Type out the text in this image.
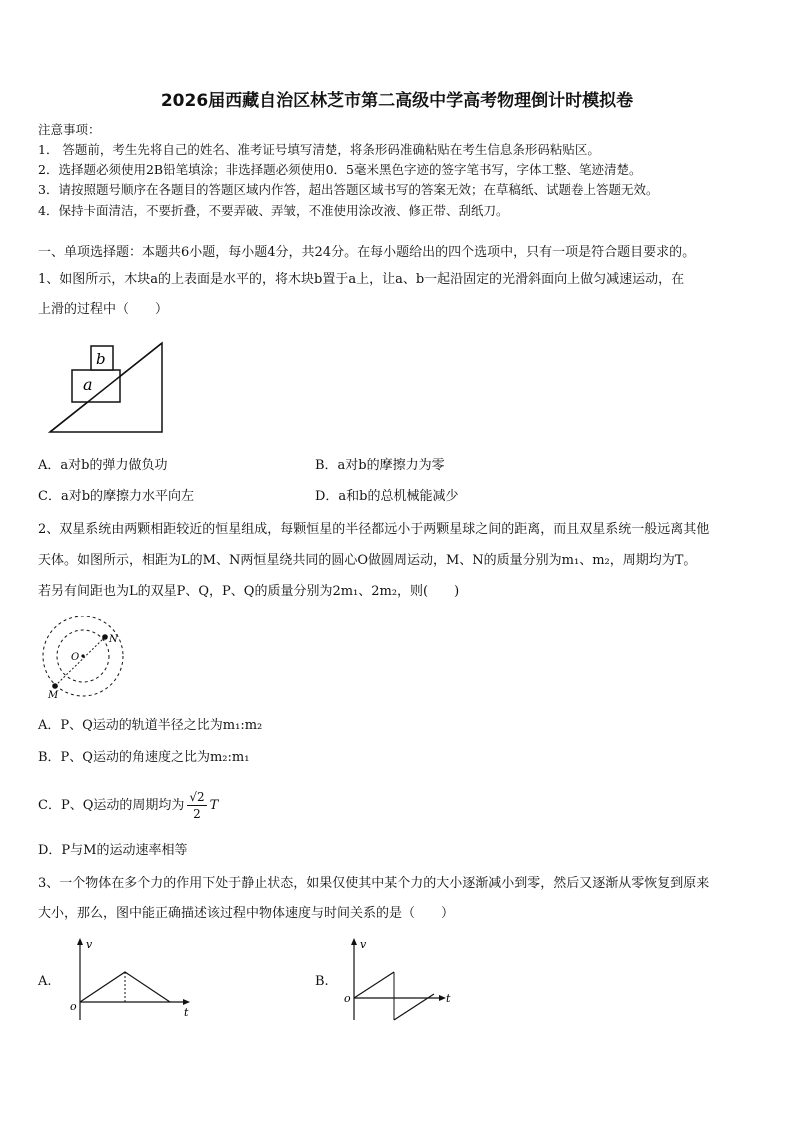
2026届西藏自治区林芝市第二高级中学高考物理倒计时模拟卷
注意事项：
1． 答题前，考生先将自己的姓名、准考证号填写清楚，将条形码准确粘贴在考生信息条形码粘贴区。
2．选择题必须使用2B铅笔填涂；非选择题必须使用0．5毫米黑色字迹的签字笔书写，字体工整、笔迹清楚。
3．请按照题号顺序在各题目的答题区域内作答，超出答题区域书写的答案无效；在草稿纸、试题卷上答题无效。
4．保持卡面清洁，不要折叠，不要弄破、弄皱，不准使用涂改液、修正带、刮纸刀。
一、单项选择题：本题共6小题，每小题4分，共24分。在每小题给出的四个选项中，只有一项是符合题目要求的。
1、如图所示，木块a的上表面是水平的，将木块b置于a上，让a、b一起沿固定的光滑斜面向上做匀减速运动，在
上滑的过程中（　　）
a
b
A．a对b的弹力做负功	B．a对b的摩擦力为零
C．a对b的摩擦力水平向左	D．a和b的总机械能减少
2、双星系统由两颗相距较近的恒星组成，每颗恒星的半径都远小于两颗星球之间的距离，而且双星系统一般远离其他
天体。如图所示，相距为L的M、N两恒星绕共同的圆心O做圆周运动，M、N的质量分别为m₁、m₂，周期均为T。
若另有间距也为L的双星P、Q，P、Q的质量分别为2m₁、2m₂，则(　　)
O
M
N
A．P、Q运动的轨道半径之比为m₁:m₂
B．P、Q运动的角速度之比为m₂:m₁
C．P、Q运动的周期均为 $\frac{√2}{2}$ T
D．P与M的运动速率相等
3、一个物体在多个力的作用下处于静止状态，如果仅使其中某个力的大小逐渐减小到零，然后又逐渐从零恢复到原来
大小，那么，图中能正确描述该过程中物体速度与时间关系的是（　　）
A.
v
t
o
B.
v
t
o
